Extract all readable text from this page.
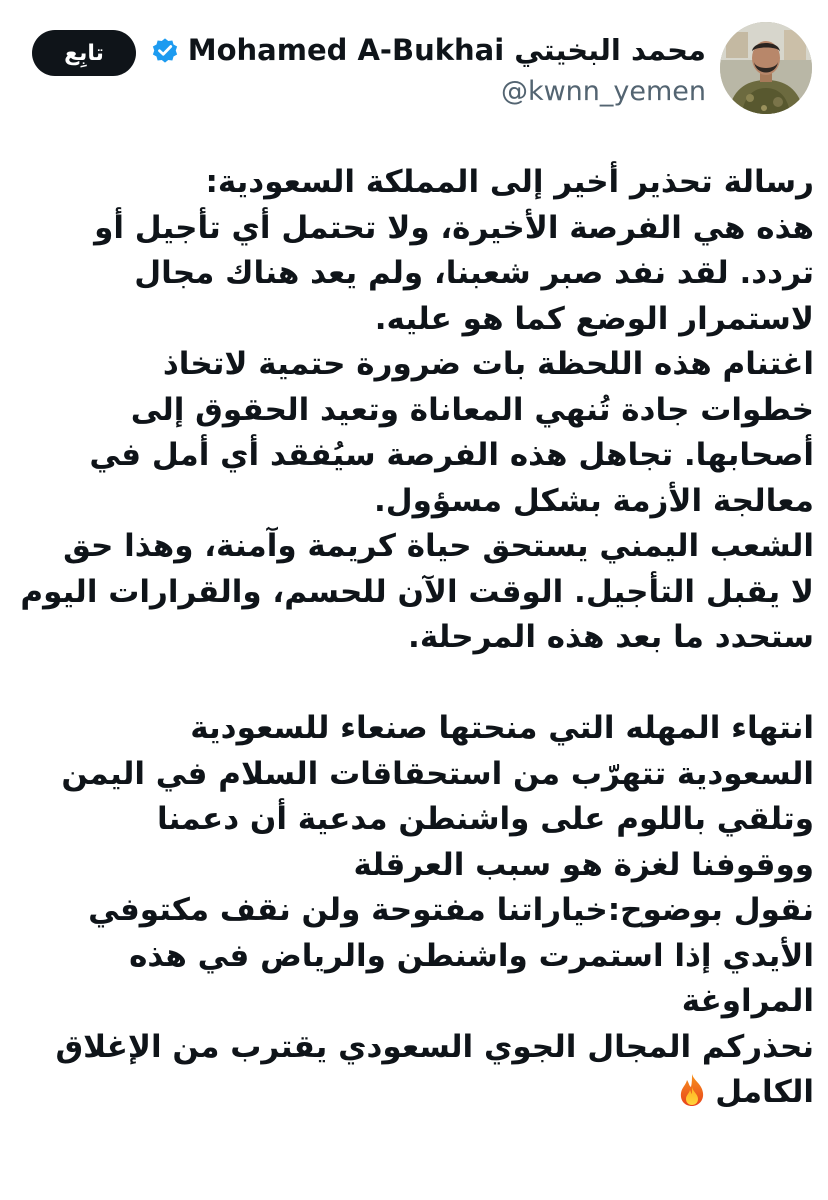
Mohamed A-Bukhai محمد البخيتي
@kwnn_yemen
تابِع

رسالة تحذير أخير إلى المملكة السعودية:

هذه هي الفرصة الأخيرة، ولا تحتمل أي تأجيل أو

تردد. لقد نفد صبر شعبنا، ولم يعد هناك مجال

لاستمرار الوضع كما هو عليه.

اغتنام هذه اللحظة بات ضرورة حتمية لاتخاذ

خطوات جادة تُنهي المعاناة وتعيد الحقوق إلى

أصحابها. تجاهل هذه الفرصة سيُفقد أي أمل في

معالجة الأزمة بشكل مسؤول.

الشعب اليمني يستحق حياة كريمة وآمنة، وهذا حق

لا يقبل التأجيل. الوقت الآن للحسم، والقرارات اليوم

ستحدد ما بعد هذه المرحلة.

انتهاء المهله التي منحتها صنعاء للسعودية

السعودية تتهرّب من استحقاقات السلام في اليمن

وتلقي باللوم على واشنطن مدعية أن دعمنا

ووقوفنا لغزة هو سبب العرقلة

نقول بوضوح:خياراتنا مفتوحة ولن نقف مكتوفي

الأيدي إذا استمرت واشنطن والرياض في هذه

المراوغة

نحذركم المجال الجوي السعودي يقترب من الإغلاق

الكامل
